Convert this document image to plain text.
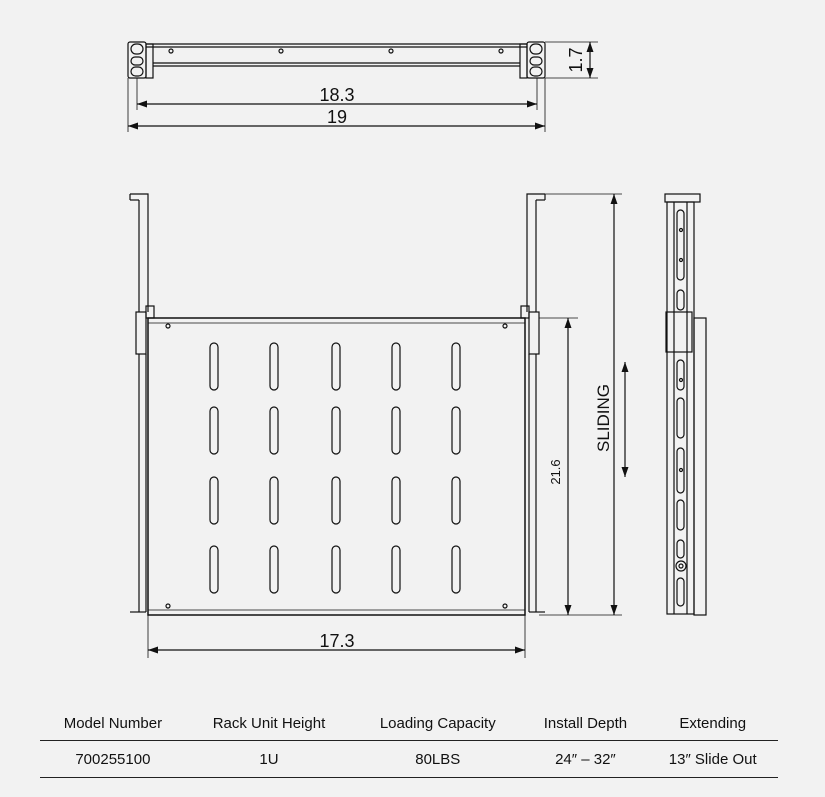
18.3
19
1.7
17.3
21.6
SLIDING
Model Number	Rack Unit Height	Loading Capacity	Install Depth	Extending
700255100	1U	80LBS	24″ – 32″	13″ Slide Out
